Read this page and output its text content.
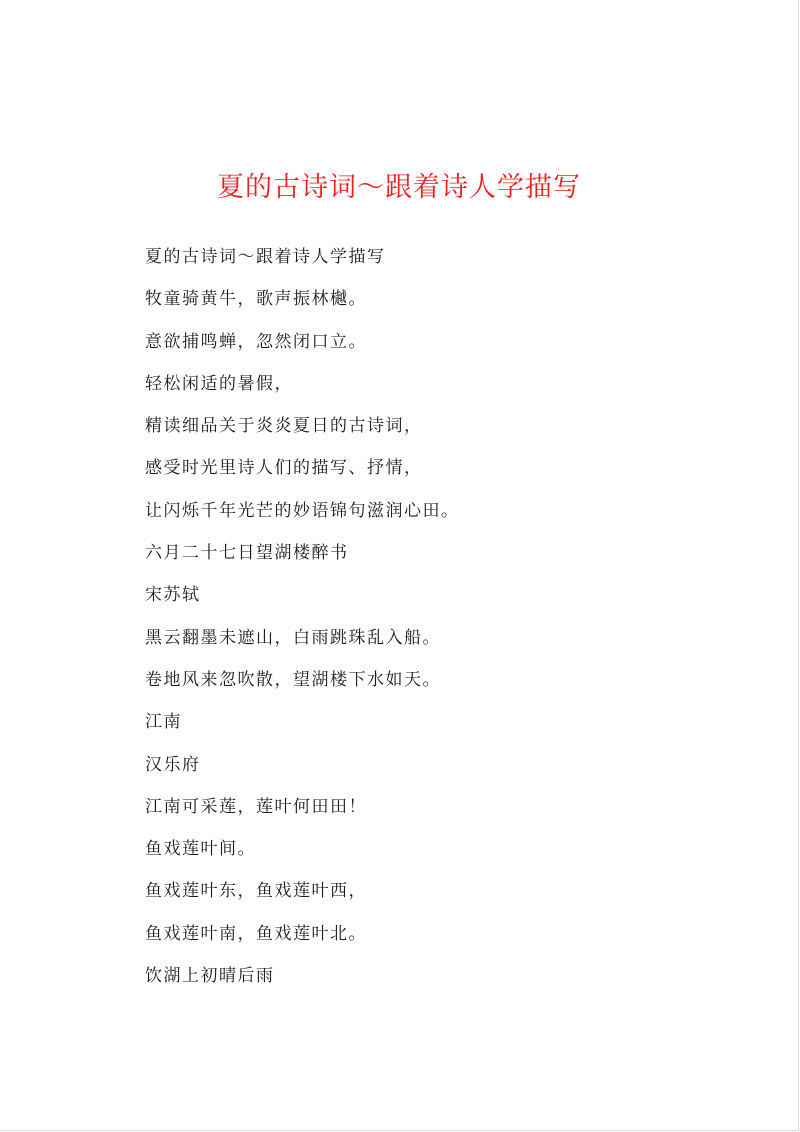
夏的古诗词～跟着诗人学描写
夏的古诗词～跟着诗人学描写
牧童骑黄牛，歌声振林樾。
意欲捕鸣蝉，忽然闭口立。
轻松闲适的暑假，
精读细品关于炎炎夏日的古诗词，
感受时光里诗人们的描写、抒情，
让闪烁千年光芒的妙语锦句滋润心田。
六月二十七日望湖楼醉书
宋苏轼
黑云翻墨未遮山，白雨跳珠乱入船。
卷地风来忽吹散，望湖楼下水如天。
江南
汉乐府
江南可采莲，莲叶何田田！
鱼戏莲叶间。
鱼戏莲叶东，鱼戏莲叶西，
鱼戏莲叶南，鱼戏莲叶北。
饮湖上初晴后雨
